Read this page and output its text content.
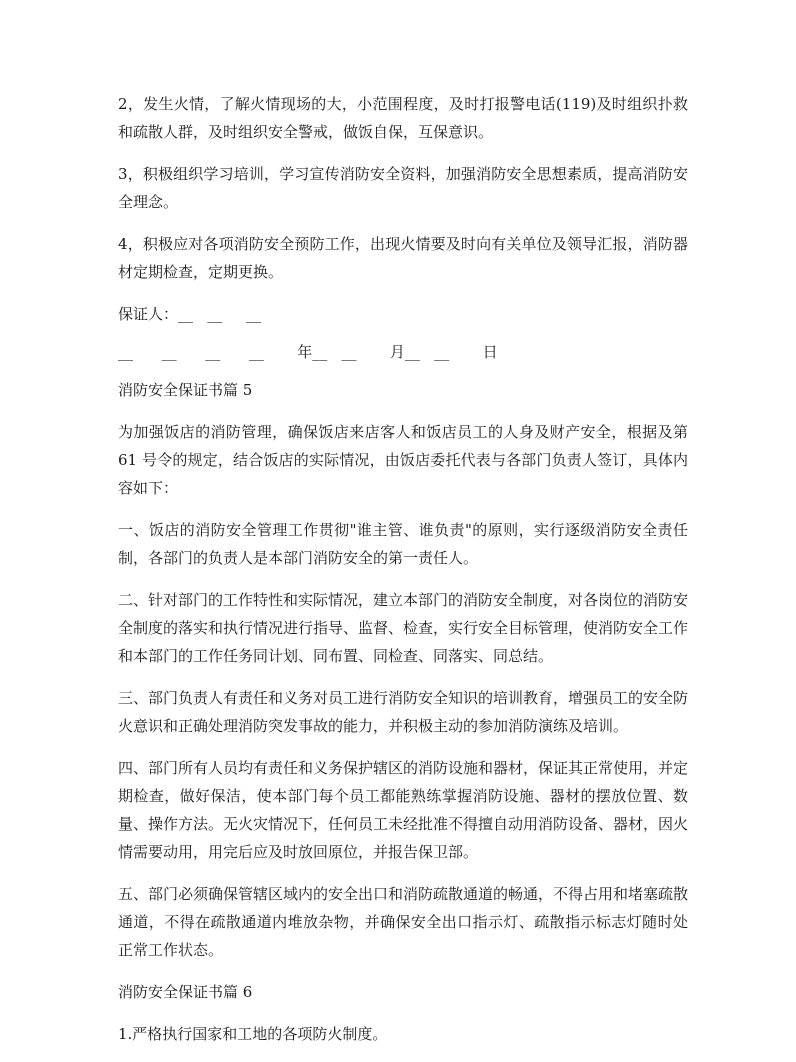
2，发生火情，了解火情现场的大，小范围程度，及时打报警电话(119)及时组织扑救和疏散人群，及时组织安全警戒，做饭自保，互保意识。

3，积极组织学习培训，学习宣传消防安全资料，加强消防安全思想素质，提高消防安全理念。

4，积极应对各项消防安全预防工作，出现火情要及时向有关单位及领导汇报，消防器材定期检查，定期更换。

保证人：__   __     __

__      __      __      __       年__   __       月__   __       日

消防安全保证书篇 5

为加强饭店的消防管理，确保饭店来店客人和饭店员工的人身及财产安全，根据及第 61 号令的规定，结合饭店的实际情况，由饭店委托代表与各部门负责人签订，具体内容如下：

一、饭店的消防安全管理工作贯彻"谁主管、谁负责"的原则，实行逐级消防安全责任制，各部门的负责人是本部门消防安全的第一责任人。

二、针对部门的工作特性和实际情况，建立本部门的消防安全制度，对各岗位的消防安全制度的落实和执行情况进行指导、监督、检查，实行安全目标管理，使消防安全工作和本部门的工作任务同计划、同布置、同检查、同落实、同总结。

三、部门负责人有责任和义务对员工进行消防安全知识的培训教育，增强员工的安全防火意识和正确处理消防突发事故的能力，并积极主动的参加消防演练及培训。

四、部门所有人员均有责任和义务保护辖区的消防设施和器材，保证其正常使用，并定期检查，做好保洁，使本部门每个员工都能熟练掌握消防设施、器材的摆放位置、数量、操作方法。无火灾情况下，任何员工未经批准不得擅自动用消防设备、器材，因火情需要动用，用完后应及时放回原位，并报告保卫部。

五、部门必须确保管辖区域内的安全出口和消防疏散通道的畅通，不得占用和堵塞疏散通道，不得在疏散通道内堆放杂物，并确保安全出口指示灯、疏散指示标志灯随时处        正常工作状态。

消防安全保证书篇 6

1.严格执行国家和工地的各项防火制度。
